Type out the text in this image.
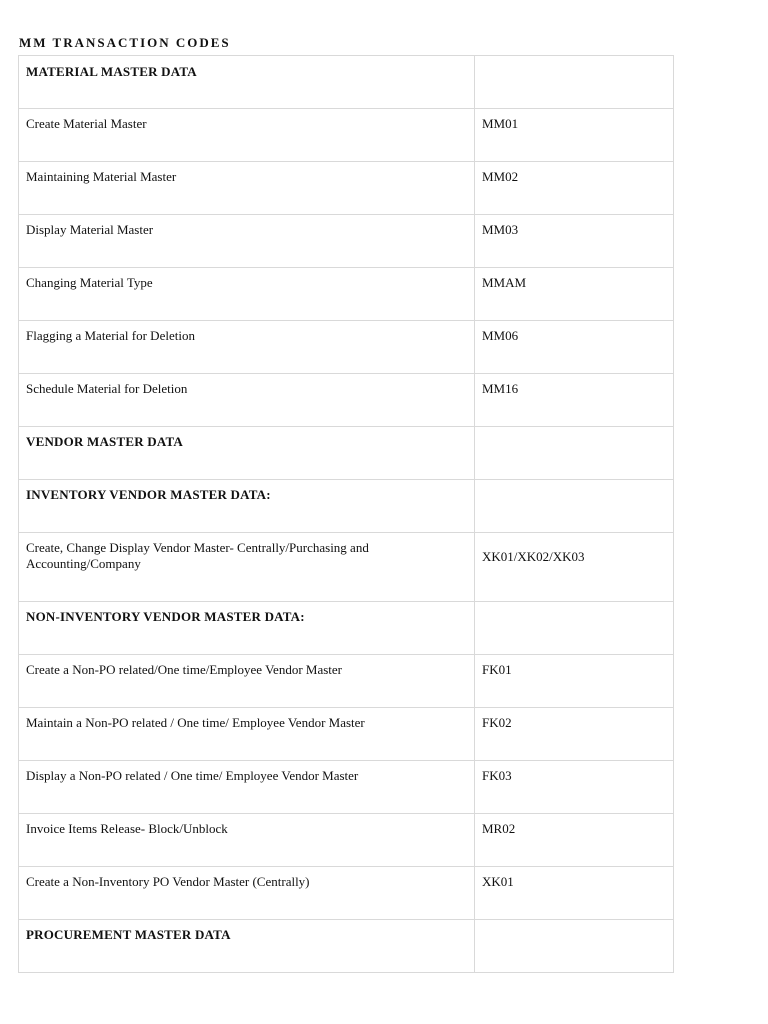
MM TRANSACTION CODES
MATERIAL MASTER DATA	
Create Material Master	MM01
Maintaining Material Master	MM02
Display Material Master	MM03
Changing Material Type	MMAM
Flagging a Material for Deletion	MM06
Schedule Material for Deletion	MM16
VENDOR MASTER DATA	
INVENTORY VENDOR MASTER DATA:	
Create, Change Display Vendor Master- Centrally/Purchasing and Accounting/Company	XK01/XK02/XK03
NON-INVENTORY VENDOR MASTER DATA:	
Create a Non-PO related/One time/Employee Vendor Master	FK01
Maintain a Non-PO related / One time/ Employee Vendor Master	FK02
Display a Non-PO related / One time/ Employee Vendor Master	FK03
Invoice Items Release- Block/Unblock	MR02
Create a Non-Inventory PO Vendor Master (Centrally)	XK01
PROCUREMENT MASTER DATA	
